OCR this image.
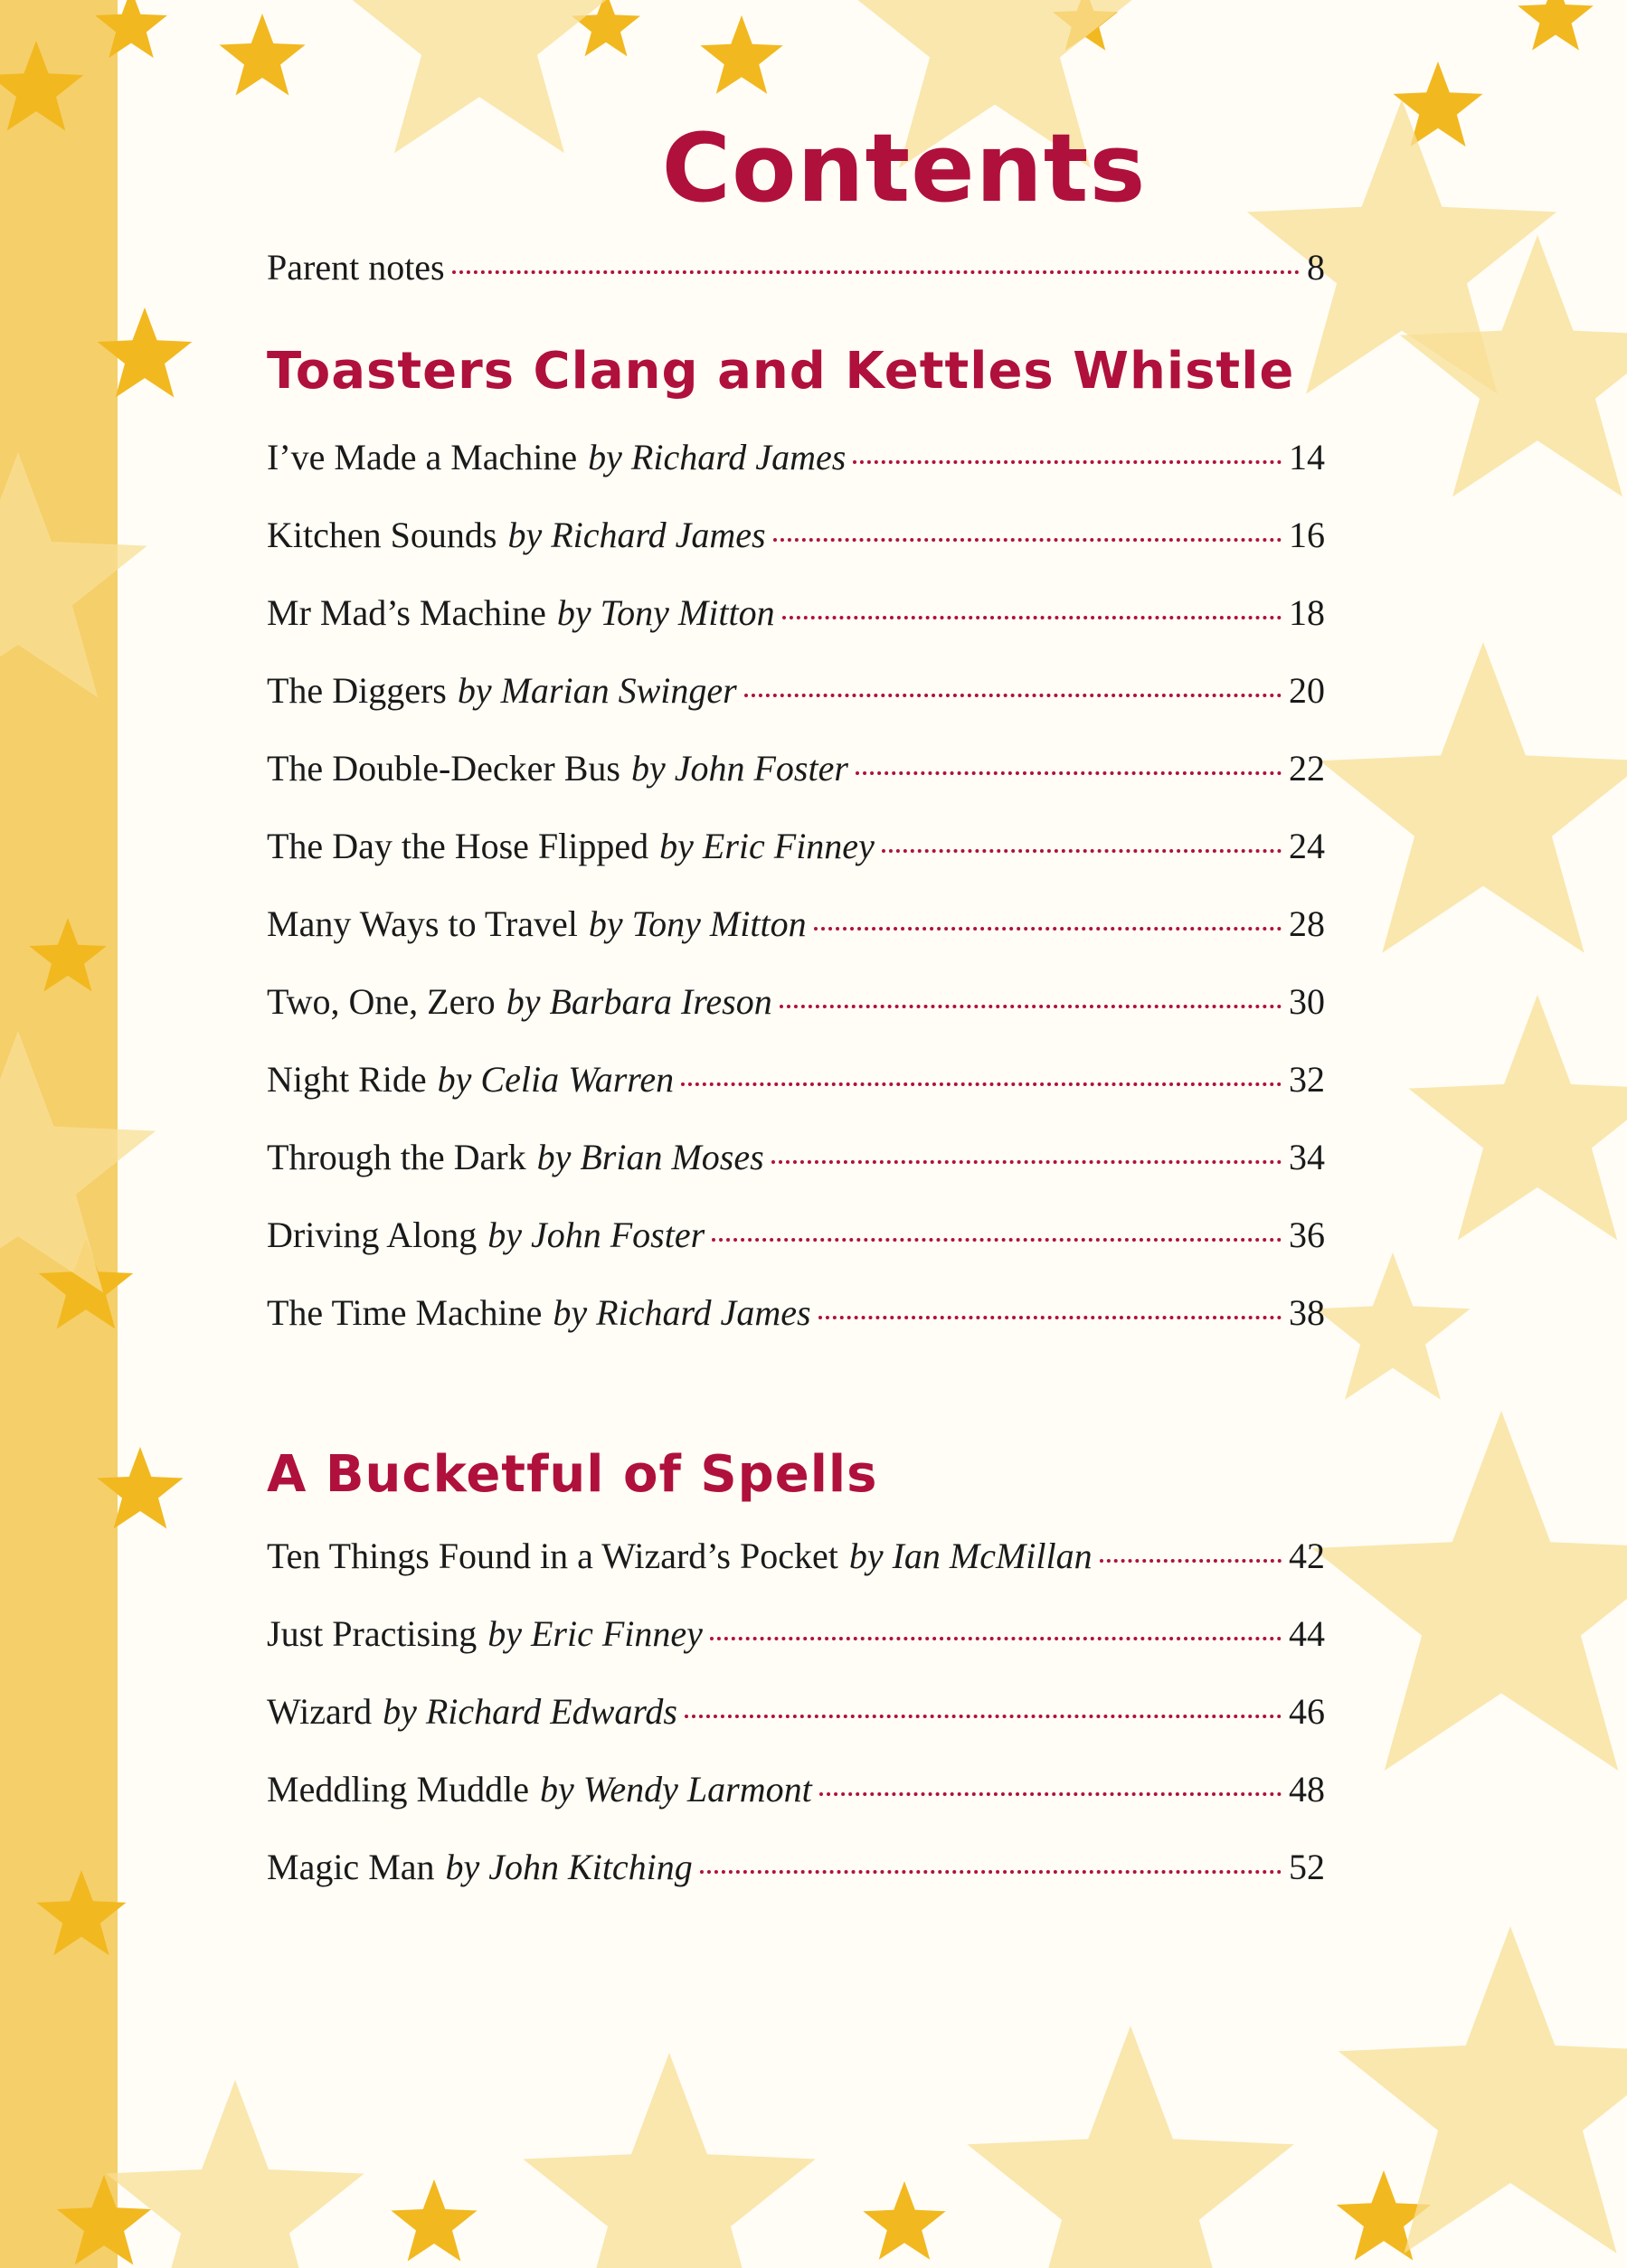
Contents
Parent notes	8
Toasters Clang and Kettles Whistle
I’ve Made a Machine by Richard James	14
Kitchen Sounds by Richard James	16
Mr Mad’s Machine by Tony Mitton	18
The Diggers by Marian Swinger	20
The Double-Decker Bus by John Foster	22
The Day the Hose Flipped by Eric Finney	24
Many Ways to Travel by Tony Mitton	28
Two, One, Zero by Barbara Ireson	30
Night Ride by Celia Warren	32
Through the Dark by Brian Moses	34
Driving Along by John Foster	36
The Time Machine by Richard James	38
A Bucketful of Spells
Ten Things Found in a Wizard’s Pocket by Ian McMillan	42
Just Practising by Eric Finney	44
Wizard by Richard Edwards	46
Meddling Muddle by Wendy Larmont	48
Magic Man by John Kitching	52
